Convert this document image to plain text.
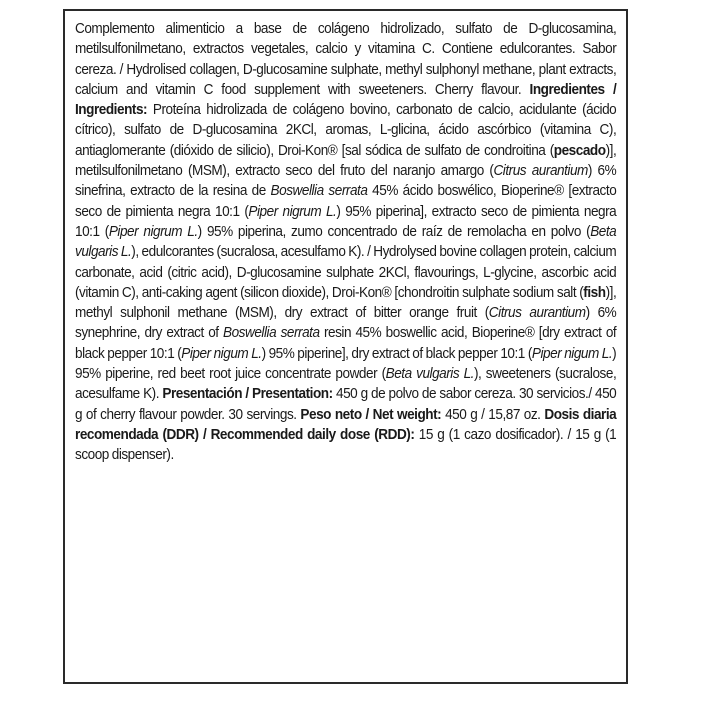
Complemento alimenticio a base de colágeno hidrolizado, sulfato de D-glucosamina, metilsulfonilmetano, extractos vegetales, calcio y vitamina C. Contiene edulcorantes. Sabor cereza. / Hydrolised collagen, D-glucosamine sulphate, methyl sulphonyl methane, plant extracts, calcium and vitamin C food supplement with sweeteners. Cherry flavour. Ingredientes / Ingredients: Proteína hidrolizada de colágeno bovino, carbonato de calcio, acidulante (ácido cítrico), sulfato de D-glucosamina 2KCl, aromas, L-glicina, ácido ascórbico (vitamina C), antiaglomerante (dióxido de silicio), Droi-Kon® [sal sódica de sulfato de condroitina (pescado)], metilsulfonilmetano (MSM), extracto seco del fruto del naranjo amargo (Citrus aurantium) 6% sinefrina, extracto de la resina de Boswellia serrata 45% ácido boswélico, Bioperine® [extracto seco de pimienta negra 10:1 (Piper nigrum L.) 95% piperina], extracto seco de pimienta negra 10:1 (Piper nigrum L.) 95% piperina, zumo concentrado de raíz de remolacha en polvo (Beta vulgaris L.), edulcorantes (sucralosa, acesulfamo K). / Hydrolysed bovine collagen protein, calcium carbonate, acid (citric acid), D-glucosamine sulphate 2KCl, flavourings, L-glycine, ascorbic acid (vitamin C), anti-caking agent (silicon dioxide), Droi-Kon® [chondroitin sulphate sodium salt (fish)], methyl sulphonil methane (MSM), dry extract of bitter orange fruit (Citrus aurantium) 6% synephrine, dry extract of Boswellia serrata resin 45% boswellic acid, Bioperine® [dry extract of black pepper 10:1 (Piper nigum L.) 95% piperine], dry extract of black pepper 10:1 (Piper nigum L.) 95% piperine, red beet root juice concentrate powder (Beta vulgaris L.), sweeteners (sucralose, acesulfame K). Presentación / Presentation: 450 g de polvo de sabor cereza. 30 servicios./ 450 g of cherry flavour powder. 30 servings. Peso neto / Net weight: 450 g / 15,87 oz. Dosis diaria recomendada (DDR) / Recommended daily dose (RDD): 15 g (1 cazo dosificador). / 15 g (1 scoop dispenser).
